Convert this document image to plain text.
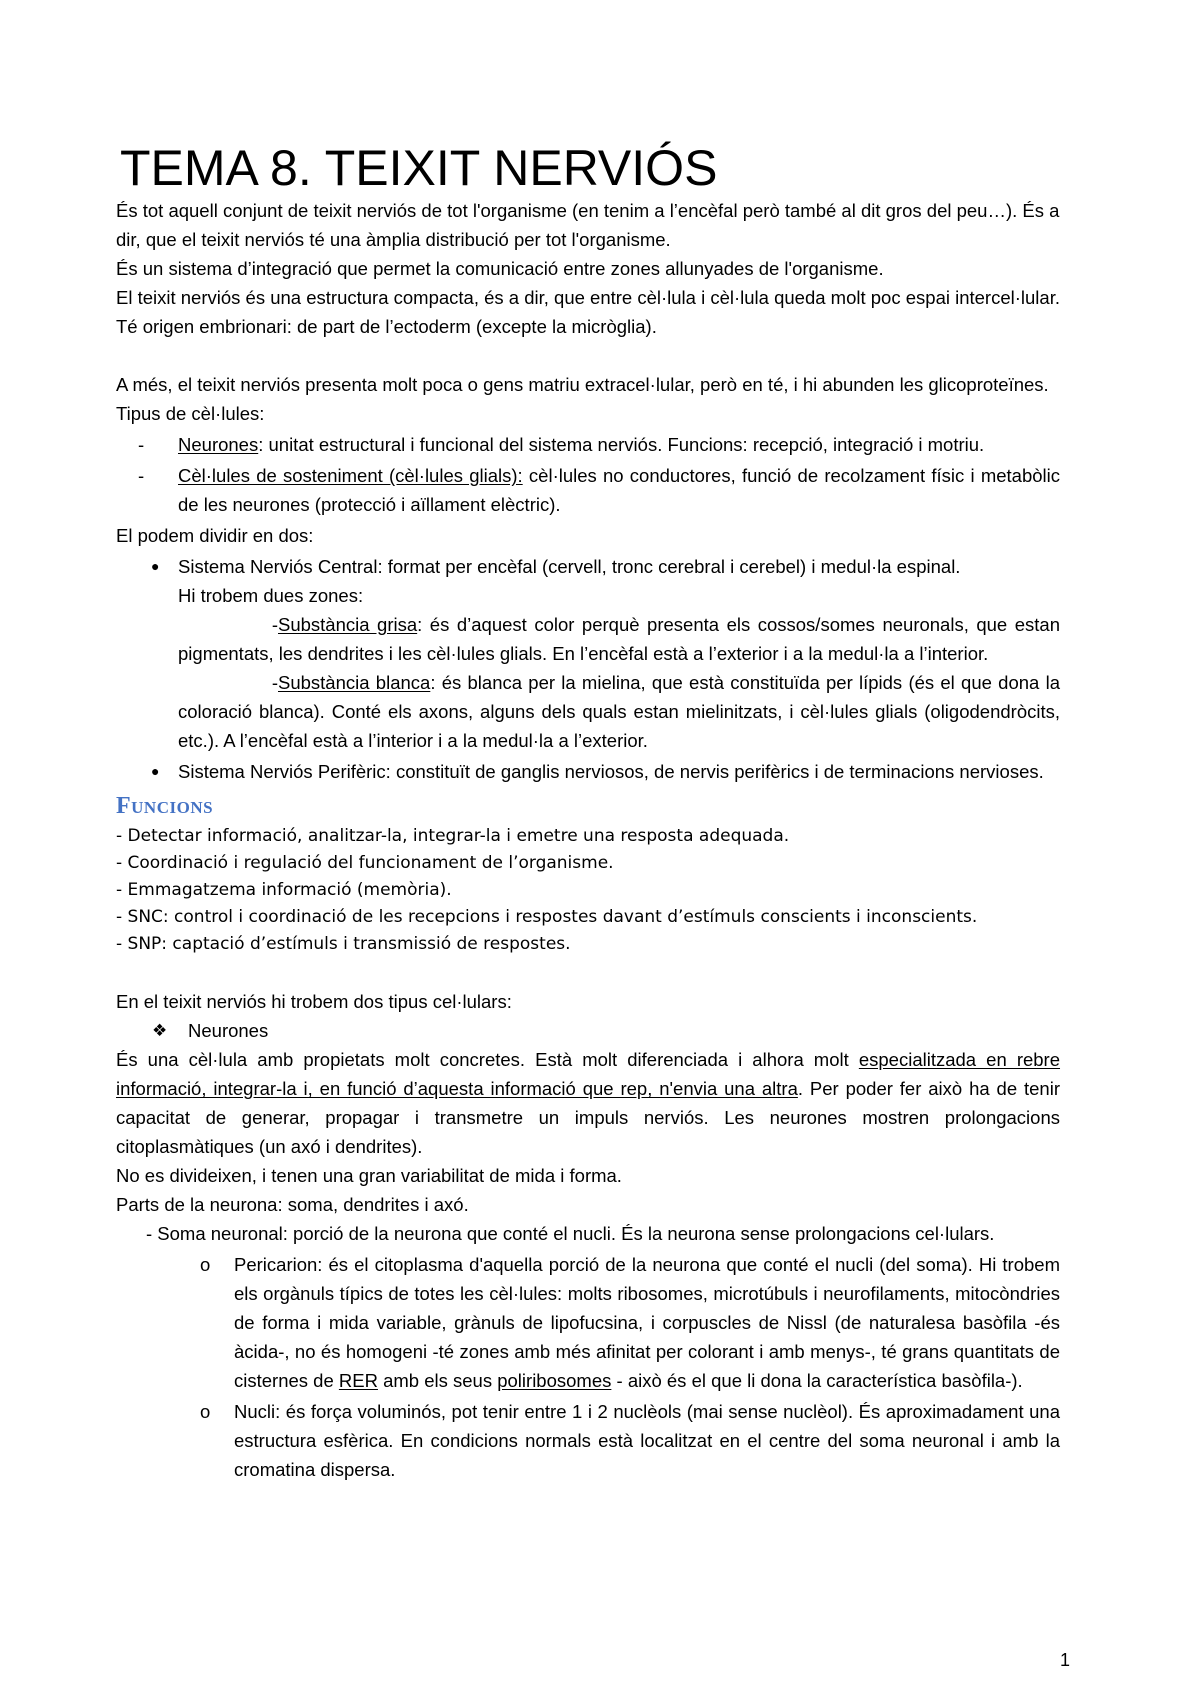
TEMA 8. TEIXIT NERVIÓS

És tot aquell conjunt de teixit nerviós de tot l'organisme (en tenim a l’encèfal però també al dit gros del peu…). És a dir, que el teixit nerviós té una àmplia distribució per tot l'organisme.

És un sistema d’integració que permet la comunicació entre zones allunyades de l'organisme.

El teixit nerviós és una estructura compacta, és a dir, que entre cèl·lula i cèl·lula queda molt poc espai intercel·lular. Té origen embrionari: de part de l’ectoderm (excepte la micròglia).

A més, el teixit nerviós presenta molt poca o gens matriu extracel·lular, però en té, i hi abunden les glicoproteïnes.

Tipus de cèl·lules:

- Neurones: unitat estructural i funcional del sistema nerviós. Funcions: recepció, integració i motriu.

- Cèl·lules de sosteniment (cèl·lules glials): cèl·lules no conductores, funció de recolzament físic i metabòlic de les neurones (protecció i aïllament elèctric).

El podem dividir en dos:

● Sistema Nerviós Central: format per encèfal (cervell, tronc cerebral i cerebel) i medul·la espinal.

Hi trobem dues zones:

-Substància grisa: és d’aquest color perquè presenta els cossos/somes neuronals, que estan pigmentats, les dendrites i les cèl·lules glials. En l’encèfal està a l’exterior i a la medul·la a l’interior.

-Substància blanca: és blanca per la mielina, que està constituïda per lípids (és el que dona la coloració blanca). Conté els axons, alguns dels quals estan mielinitzats, i cèl·lules glials (oligodendròcits, etc.). A l’encèfal està a l’interior i a la medul·la a l’exterior.

● Sistema Nerviós Perifèric: constituït de ganglis nerviosos, de nervis perifèrics i de terminacions nervioses.

Funcions

- Detectar informació, analitzar-la, integrar-la i emetre una resposta adequada.

- Coordinació i regulació del funcionament de l’organisme.

- Emmagatzema informació (memòria).

- SNC: control i coordinació de les recepcions i respostes davant d’estímuls conscients i inconscients.

- SNP: captació d’estímuls i transmissió de respostes.

En el teixit nerviós hi trobem dos tipus cel·lulars:

❖ Neurones

És una cèl·lula amb propietats molt concretes. Està molt diferenciada i alhora molt especialitzada en rebre informació, integrar-la i, en funció d’aquesta informació que rep, n'envia una altra. Per poder fer això ha de tenir capacitat de generar, propagar i transmetre un impuls nerviós. Les neurones mostren prolongacions citoplasmàtiques (un axó i dendrites).

No es divideixen, i tenen una gran variabilitat de mida i forma.

Parts de la neurona: soma, dendrites i axó.

- Soma neuronal: porció de la neurona que conté el nucli. És la neurona sense prolongacions cel·lulars.

o Pericarion: és el citoplasma d'aquella porció de la neurona que conté el nucli (del soma). Hi trobem els orgànuls típics de totes les cèl·lules: molts ribosomes, microtúbuls i neurofilaments, mitocòndries de forma i mida variable, grànuls de lipofucsina, i corpuscles de Nissl (de naturalesa basòfila -és àcida-, no és homogeni -té zones amb més afinitat per colorant i amb menys-, té grans quantitats de cisternes de RER amb els seus poliribosomes - això és el que li dona la característica basòfila-).

o Nucli: és força voluminós, pot tenir entre 1 i 2 nuclèols (mai sense nuclèol). És aproximadament una estructura esfèrica. En condicions normals està localitzat en el centre del soma neuronal i amb la cromatina dispersa.

1
